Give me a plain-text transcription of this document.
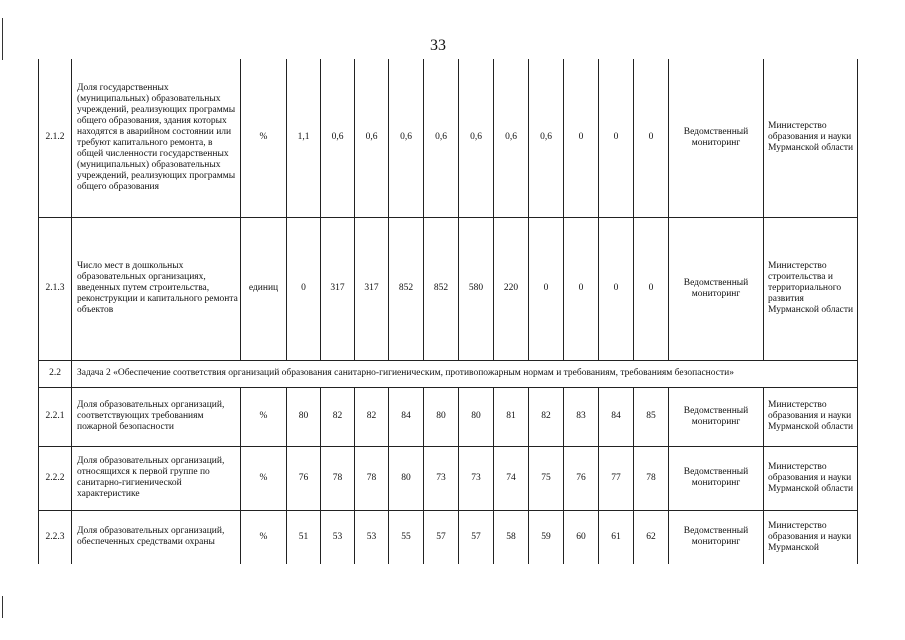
33
2.1.2	Доля государственных (муниципальных) образовательных учреждений, реализующих программы общего образования, здания которых находятся в аварийном состоянии или требуют капитального ремонта, в общей численности государственных (муниципальных) образовательных учреждений, реализующих программы общего образования	%	1,1	0,6	0,6	0,6	0,6	0,6	0,6	0,6	0	0	0	Ведомственный мониторинг	Министерство образования и науки Мурманской области
2.1.3	Число мест в дошкольных образовательных организациях, введенных путем строительства, реконструкции и капитального ремонта объектов	единиц	0	317	317	852	852	580	220	0	0	0	0	Ведомственный мониторинг	Министерство строительства и территориального развития Мурманской области
2.2	Задача 2 «Обеспечение соответствия организаций образования санитарно-гигиеническим, противопожарным нормам и требованиям, требованиям безопасности»														
2.2.1	Доля образовательных организаций, соответствующих требованиям пожарной безопасности	%	80	82	82	84	80	80	81	82	83	84	85	Ведомственный мониторинг	Министерство образования и науки Мурманской области
2.2.2	Доля образовательных организаций, относящихся к первой группе по санитарно-гигиенической характеристике	%	76	78	78	80	73	73	74	75	76	77	78	Ведомственный мониторинг	Министерство образования и науки Мурманской области
2.2.3	Доля образовательных организаций, обеспеченных средствами охраны	%	51	53	53	55	57	57	58	59	60	61	62	Ведомственный мониторинг	Министерство образования и науки Мурманской
